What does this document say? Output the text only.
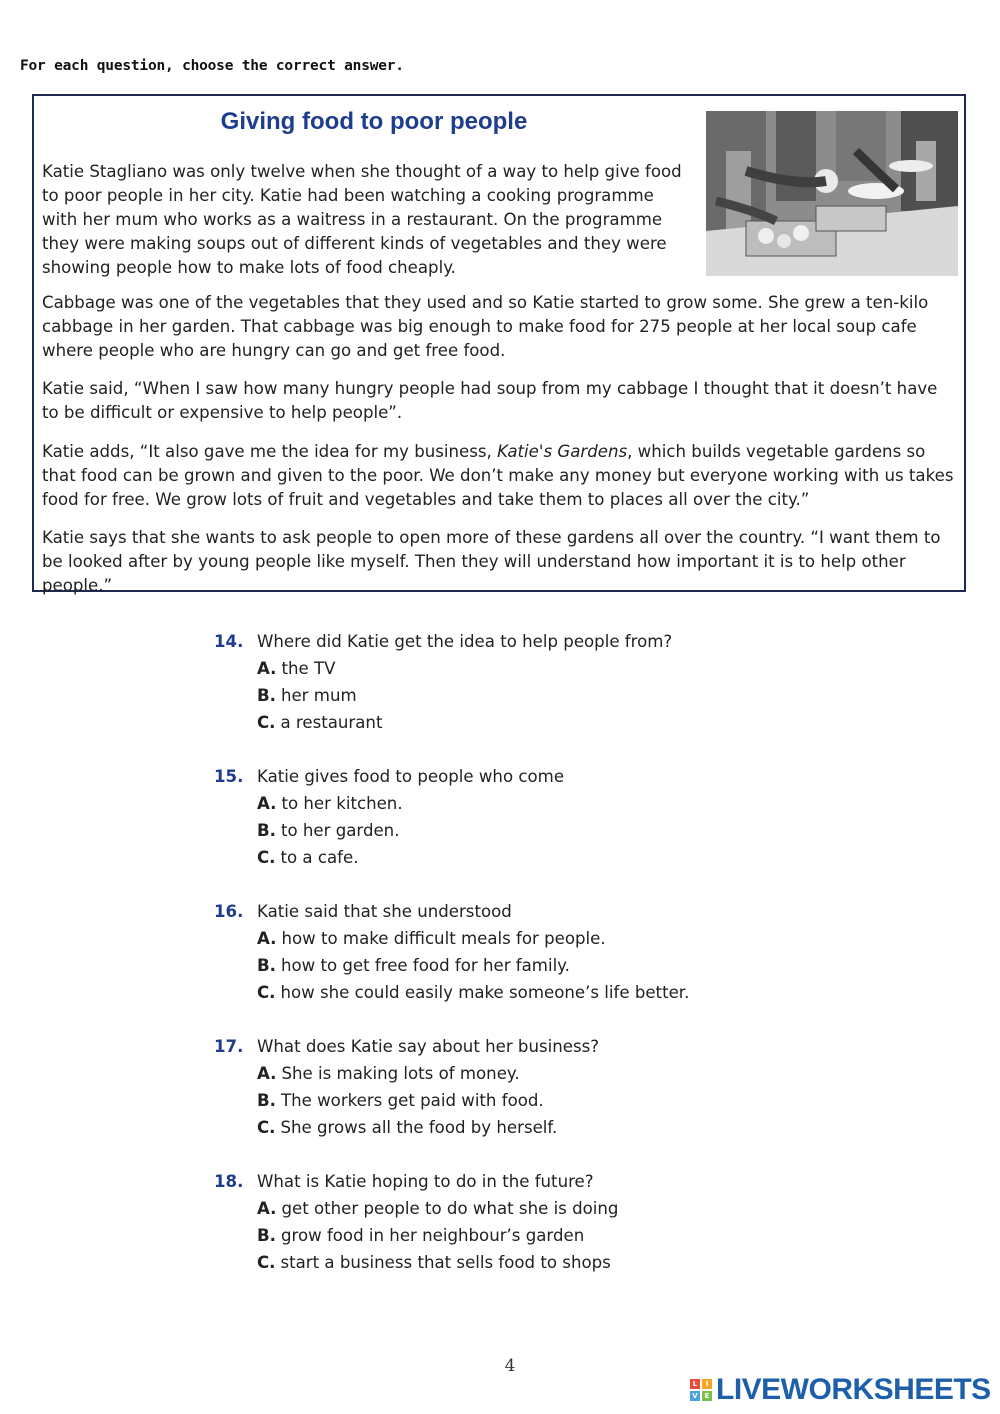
For each question, choose the correct answer.
Giving food to poor people

Katie Stagliano was only twelve when she thought of a way to help give food to poor people in her city. Katie had been watching a cooking programme with her mum who works as a waitress in a restaurant. On the programme they were making soups out of different kinds of vegetables and they were showing people how to make lots of food cheaply.

Cabbage was one of the vegetables that they used and so Katie started to grow some. She grew a ten-kilo cabbage in her garden. That cabbage was big enough to make food for 275 people at her local soup cafe where people who are hungry can go and get free food.

Katie said, “When I saw how many hungry people had soup from my cabbage I thought that it doesn’t have to be difficult or expensive to help people”.

Katie adds, “It also gave me the idea for my business, Katie's Gardens, which builds vegetable gardens so that food can be grown and given to the poor. We don’t make any money but everyone working with us takes food for free. We grow lots of fruit and vegetables and take them to places all over the city.”

Katie says that she wants to ask people to open more of these gardens all over the country. “I want them to be looked after by young people like myself. Then they will understand how important it is to help other people.”

14. Where did Katie get the idea to help people from?
A. the TV
B. her mum
C. a restaurant
15. Katie gives food to people who come
A. to her kitchen.
B. to her garden.
C. to a cafe.
16. Katie said that she understood
A. how to make difficult meals for people.
B. how to get free food for her family.
C. how she could easily make someone’s life better.
17. What does Katie say about her business?
A. She is making lots of money.
B. The workers get paid with food.
C. She grows all the food by herself.
18. What is Katie hoping to do in the future?
A. get other people to do what she is doing
B. grow food in her neighbour’s garden
C. start a business that sells food to shops
4
L	I
V E LIVEWORKSHEETS
